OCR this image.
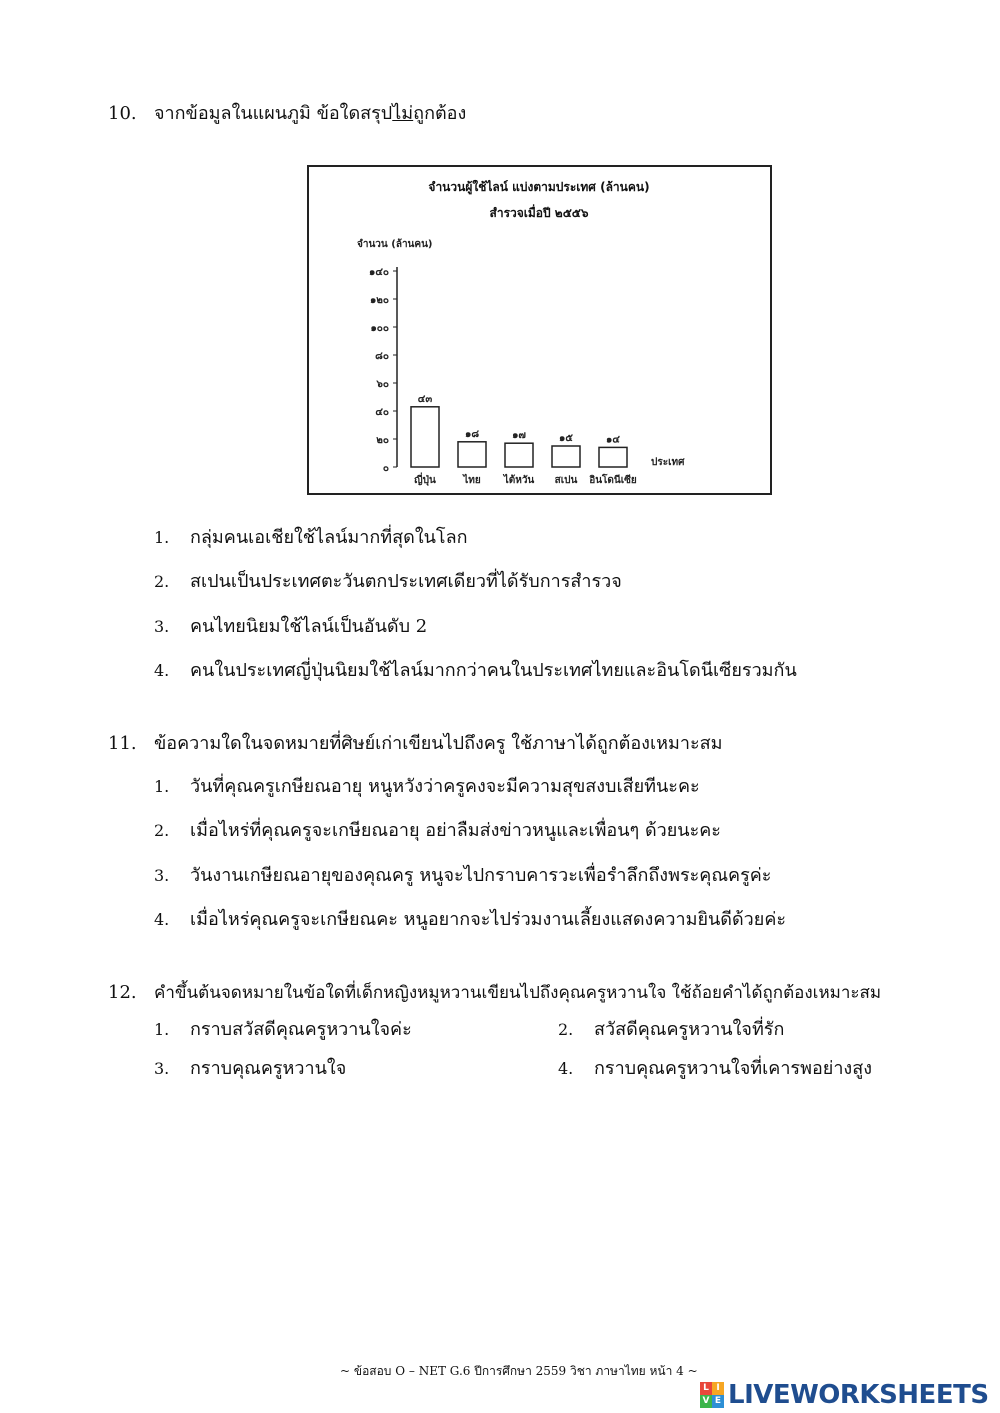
10. จากข้อมูลในแผนภูมิ ข้อใดสรุปไม่ถูกต้อง
จำนวนผู้ใช้ไลน์ แบ่งตามประเทศ (ล้านคน)
สำรวจเมื่อปี ๒๕๕๖
จำนวน (ล้านคน)
ประเทศ
๐
๒๐
๔๐
๖๐
๘๐
๑๐๐
๑๒๐
๑๔๐
๔๓
ญี่ปุ่น
๑๘
ไทย
๑๗
ไต้หวัน
๑๕
สเปน
๑๔
อินโดนีเซีย
1. กลุ่มคนเอเชียใช้ไลน์มากที่สุดในโลก
2. สเปนเป็นประเทศตะวันตกประเทศเดียวที่ได้รับการสำรวจ
3. คนไทยนิยมใช้ไลน์เป็นอันดับ 2
4. คนในประเทศญี่ปุ่นนิยมใช้ไลน์มากกว่าคนในประเทศไทยและอินโดนีเซียรวมกัน
11. ข้อความใดในจดหมายที่ศิษย์เก่าเขียนไปถึงครู ใช้ภาษาได้ถูกต้องเหมาะสม
1. วันที่คุณครูเกษียณอายุ หนูหวังว่าครูคงจะมีความสุขสงบเสียทีนะคะ
2. เมื่อไหร่ที่คุณครูจะเกษียณอายุ อย่าลืมส่งข่าวหนูและเพื่อนๆ ด้วยนะคะ
3. วันงานเกษียณอายุของคุณครู หนูจะไปกราบคารวะเพื่อรำลึกถึงพระคุณครูค่ะ
4. เมื่อไหร่คุณครูจะเกษียณคะ หนูอยากจะไปร่วมงานเลี้ยงแสดงความยินดีด้วยค่ะ
12. คำขึ้นต้นจดหมายในข้อใดที่เด็กหญิงหมูหวานเขียนไปถึงคุณครูหวานใจ ใช้ถ้อยคำได้ถูกต้องเหมาะสม
1. กราบสวัสดีคุณครูหวานใจค่ะ	2. สวัสดีคุณครูหวานใจที่รัก
3. กราบคุณครูหวานใจ	4. กราบคุณครูหวานใจที่เคารพอย่างสูง
~ ข้อสอบ O – NET G.6 ปีการศึกษา 2559 วิชา ภาษาไทย หน้า 4 ~
L I
V E LIVEWORKSHEETS
